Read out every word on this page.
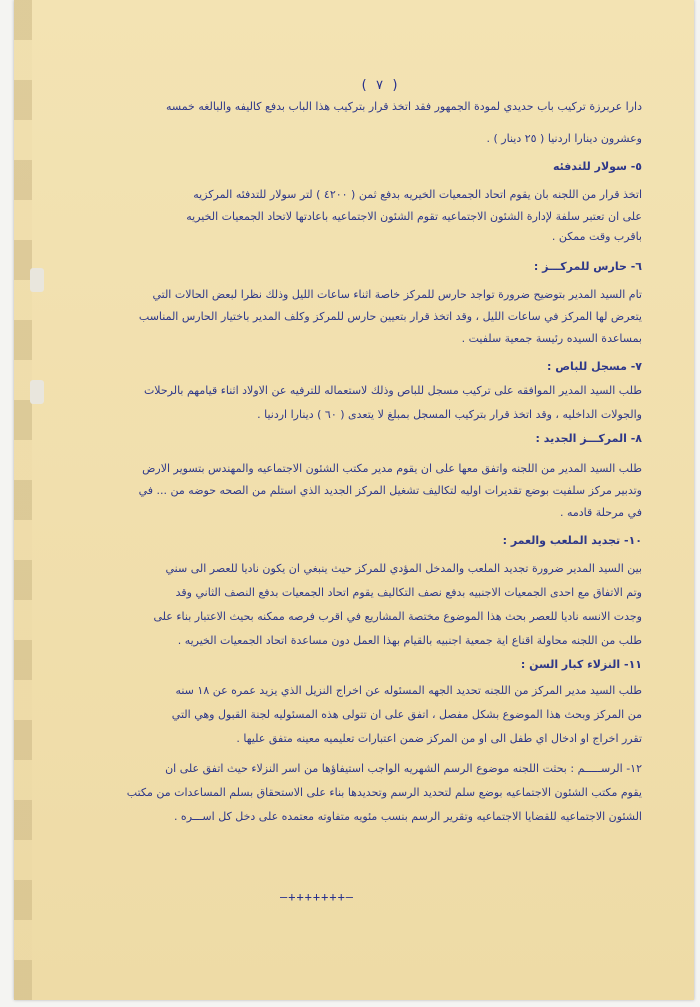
( ٧ )
دارا عربرزة تركيب باب حديدي لمودة الجمهور فقد اتخذ قرار بتركيب هذا الباب بدفع كاليفه والبالغه خمسه
وعشرون دينارا اردنيا ( ٢٥ دينار ) .
٥- سولار للتدفئه
اتخذ قرار من اللجنه بان يقوم اتحاد الجمعيات الخيريه بدفع ثمن ( ٤٢٠٠ ) لتر سولار للتدفئه المركزيه
على ان تعتبر سلفة لإدارة الشئون الاجتماعيه تقوم الشئون الاجتماعيه باعادتها لاتحاد الجمعيات الخيريه
باقرب وقت ممكن .
٦- حارس للمركـــز :
تام السيد المدير بتوضيح ضرورة تواجد حارس للمركز خاصة اثناء ساعات الليل وذلك نظرا لبعض الحالات التي
يتعرض لها المركز في ساعات الليل ، وقد اتخذ قرار بتعيين حارس للمركز وكلف المدير باختيار الحارس المناسب
بمساعدة السيده رئيسة جمعية سلفيت .
٧- مسجل للباص :
طلب السيد المدير الموافقه على تركيب مسجل للباص وذلك لاستعماله للترفيه عن الاولاد اثناء قيامهم بالرحلات
والجولات الداخليه ، وقد اتخذ قرار بتركيب المسجل بمبلغ لا يتعدى ( ٦٠ ) دينارا اردنيا .
٨- المركـــز الجديد :
طلب السيد المدير من اللجنه واتفق معها على ان يقوم مدير مكتب الشئون الاجتماعيه والمهندس بتسوير الارض
وتدبير مركز سلفيت بوضع تقديرات اوليه لتكاليف تشغيل المركز الجديد الذي استلم من الصحه حوضه من ... في
في مرحلة قادمه .
١٠- تجديد الملعب والعمر :
بين السيد المدير ضرورة تجديد الملعب والمدخل المؤدي للمركز حيث ينبغي ان يكون ناديا للعصر الى سني
وتم الاتفاق مع احدى الجمعيات الاجنبيه بدفع نصف التكاليف يقوم اتحاد الجمعيات بدفع النصف الثاني وقد
وجدت الانسه ناديا للعصر بحث هذا الموضوع مختصة المشاريع في اقرب فرصه ممكنه بحيث الاعتبار بناء على
طلب من اللجنه محاولة اقناع اية جمعية اجنبيه بالقيام بهذا العمل دون مساعدة اتحاد الجمعيات الخيريه .
١١- النزلاء كبار السن :
طلب السيد مدير المركز من اللجنه تحديد الجهه المسئوله عن اخراج النزيل الذي يزيد عمره عن ١٨ سنه
من المركز وبحث هذا الموضوع بشكل مفصل ، اتفق على ان تتولى هذه المسئوليه لجنة القبول وهي التي
تقرر اخراج او ادخال اي طفل الى او من المركز ضمن اعتبارات تعليميه معينه متفق عليها .
١٢- الرســـــم : بحثت اللجنه موضوع الرسم الشهريه الواجب استيفاؤها من اسر النزلاء حيث اتفق على ان
يقوم مكتب الشئون الاجتماعيه بوضع سلم لتحديد الرسم وتحديدها بناء على الاستحقاق بسلم المساعدات من مكتب
الشئون الاجتماعيه للقضايا الاجتماعيه وتقرير الرسم بنسب مئويه متفاوته معتمده على دخل كل اســـره .
—+++++++—
